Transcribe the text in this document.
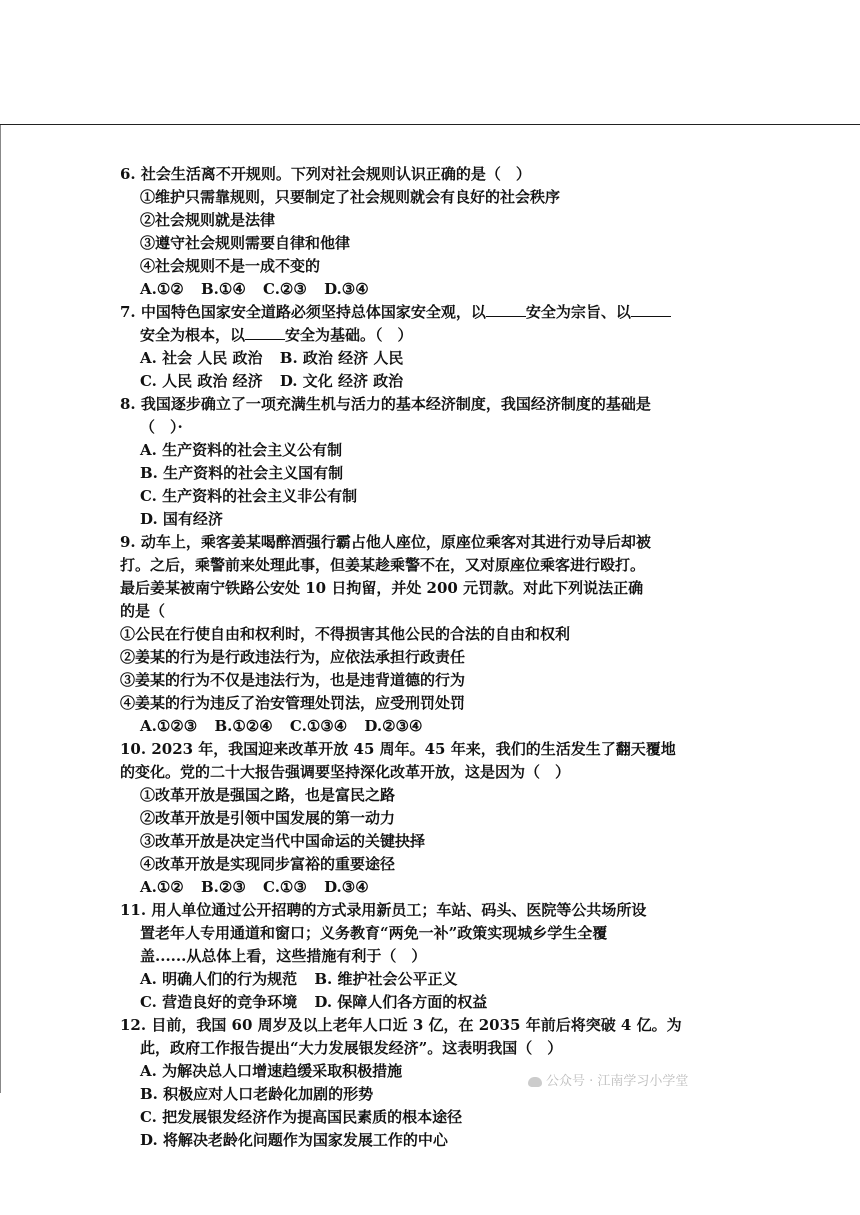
6. 社会生活离不开规则。下列对社会规则认识正确的是（　）
①维护只需靠规则，只要制定了社会规则就会有良好的社会秩序
②社会规则就是法律
③遵守社会规则需要自律和他律
④社会规则不是一成不变的
A.①② B.①④ C.②③ D.③④
7. 中国特色国家安全道路必须坚持总体国家安全观，以	安全为宗旨、以
安全为根本，以	安全为基础。（　）
A. 社会 人民 政治 B. 政治 经济 人民
C. 人民 政治 经济 D. 文化 经济 政治
8. 我国逐步确立了一项充满生机与活力的基本经济制度，我国经济制度的基础是
（　）·
A. 生产资料的社会主义公有制
B. 生产资料的社会主义国有制
C. 生产资料的社会主义非公有制
D. 国有经济
9. 动车上，乘客姜某喝醉酒强行霸占他人座位，原座位乘客对其进行劝导后却被
打。之后，乘警前来处理此事，但姜某趁乘警不在，又对原座位乘客进行殴打。
最后姜某被南宁铁路公安处 10 日拘留，并处 200 元罚款。对此下列说法正确
的是（
①公民在行使自由和权利时，不得损害其他公民的合法的自由和权利
②姜某的行为是行政违法行为，应依法承担行政责任
③姜某的行为不仅是违法行为，也是违背道德的行为
④姜某的行为违反了治安管理处罚法，应受刑罚处罚
A.①②③ B.①②④ C.①③④ D.②③④
10. 2023 年，我国迎来改革开放 45 周年。45 年来，我们的生活发生了翻天覆地
的变化。党的二十大报告强调要坚持深化改革开放，这是因为（　）
①改革开放是强国之路，也是富民之路
②改革开放是引领中国发展的第一动力
③改革开放是决定当代中国命运的关键抉择
④改革开放是实现同步富裕的重要途径
A.①② B.②③ C.①③ D.③④
11. 用人单位通过公开招聘的方式录用新员工；车站、码头、医院等公共场所设
置老年人专用通道和窗口；义务教育“两免一补”政策实现城乡学生全覆
盖......从总体上看，这些措施有利于（　）
A. 明确人们的行为规范 B. 维护社会公平正义
C. 营造良好的竞争环境 D. 保障人们各方面的权益
12. 目前，我国 60 周岁及以上老年人口近 3 亿，在 2035 年前后将突破 4 亿。为
此，政府工作报告提出“大力发展银发经济”。这表明我国（　）
A. 为解决总人口增速趋缓采取积极措施
B. 积极应对人口老龄化加剧的形势
C. 把发展银发经济作为提高国民素质的根本途径
D. 将解决老龄化问题作为国家发展工作的中心
公众号 · 江南学习小学堂
